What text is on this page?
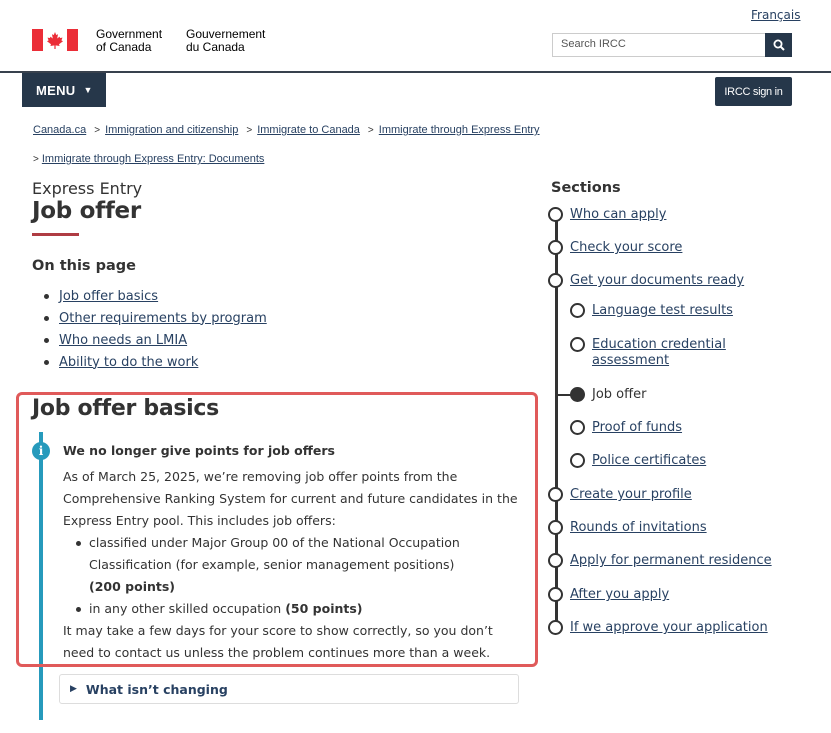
Français
Government
of Canada
Gouvernement
du Canada	Search IRCC
MENU ▼	IRCC sign in
Canada.ca > Immigration and citizenship > Immigrate to Canada > Immigrate through Express Entry
> Immigrate through Express Entry: Documents
Express Entry
Job offer
On this page
Job offer basics
Other requirements by program
Who needs an LMIA
Ability to do the work
Job offer basics
i	We no longer give points for job offers

As of March 25, 2025, we’re removing job offer points from the Comprehensive Ranking System for current and future candidates in the Express Entry pool. This includes job offers:

classified under Major Group 00 of the National Occupation Classification (for example, senior management positions)
(200 points)
in any other skilled occupation (50 points)

It may take a few days for your score to show correctly, so you don’t need to contact us unless the problem continues more than a week.

▶ What isn’t changing
Sections
Who can apply
Check your score
Get your documents ready
Language test results
Education credential assessment
Job offer
Proof of funds
Police certificates
Create your profile
Rounds of invitations
Apply for permanent residence
After you apply
If we approve your application
